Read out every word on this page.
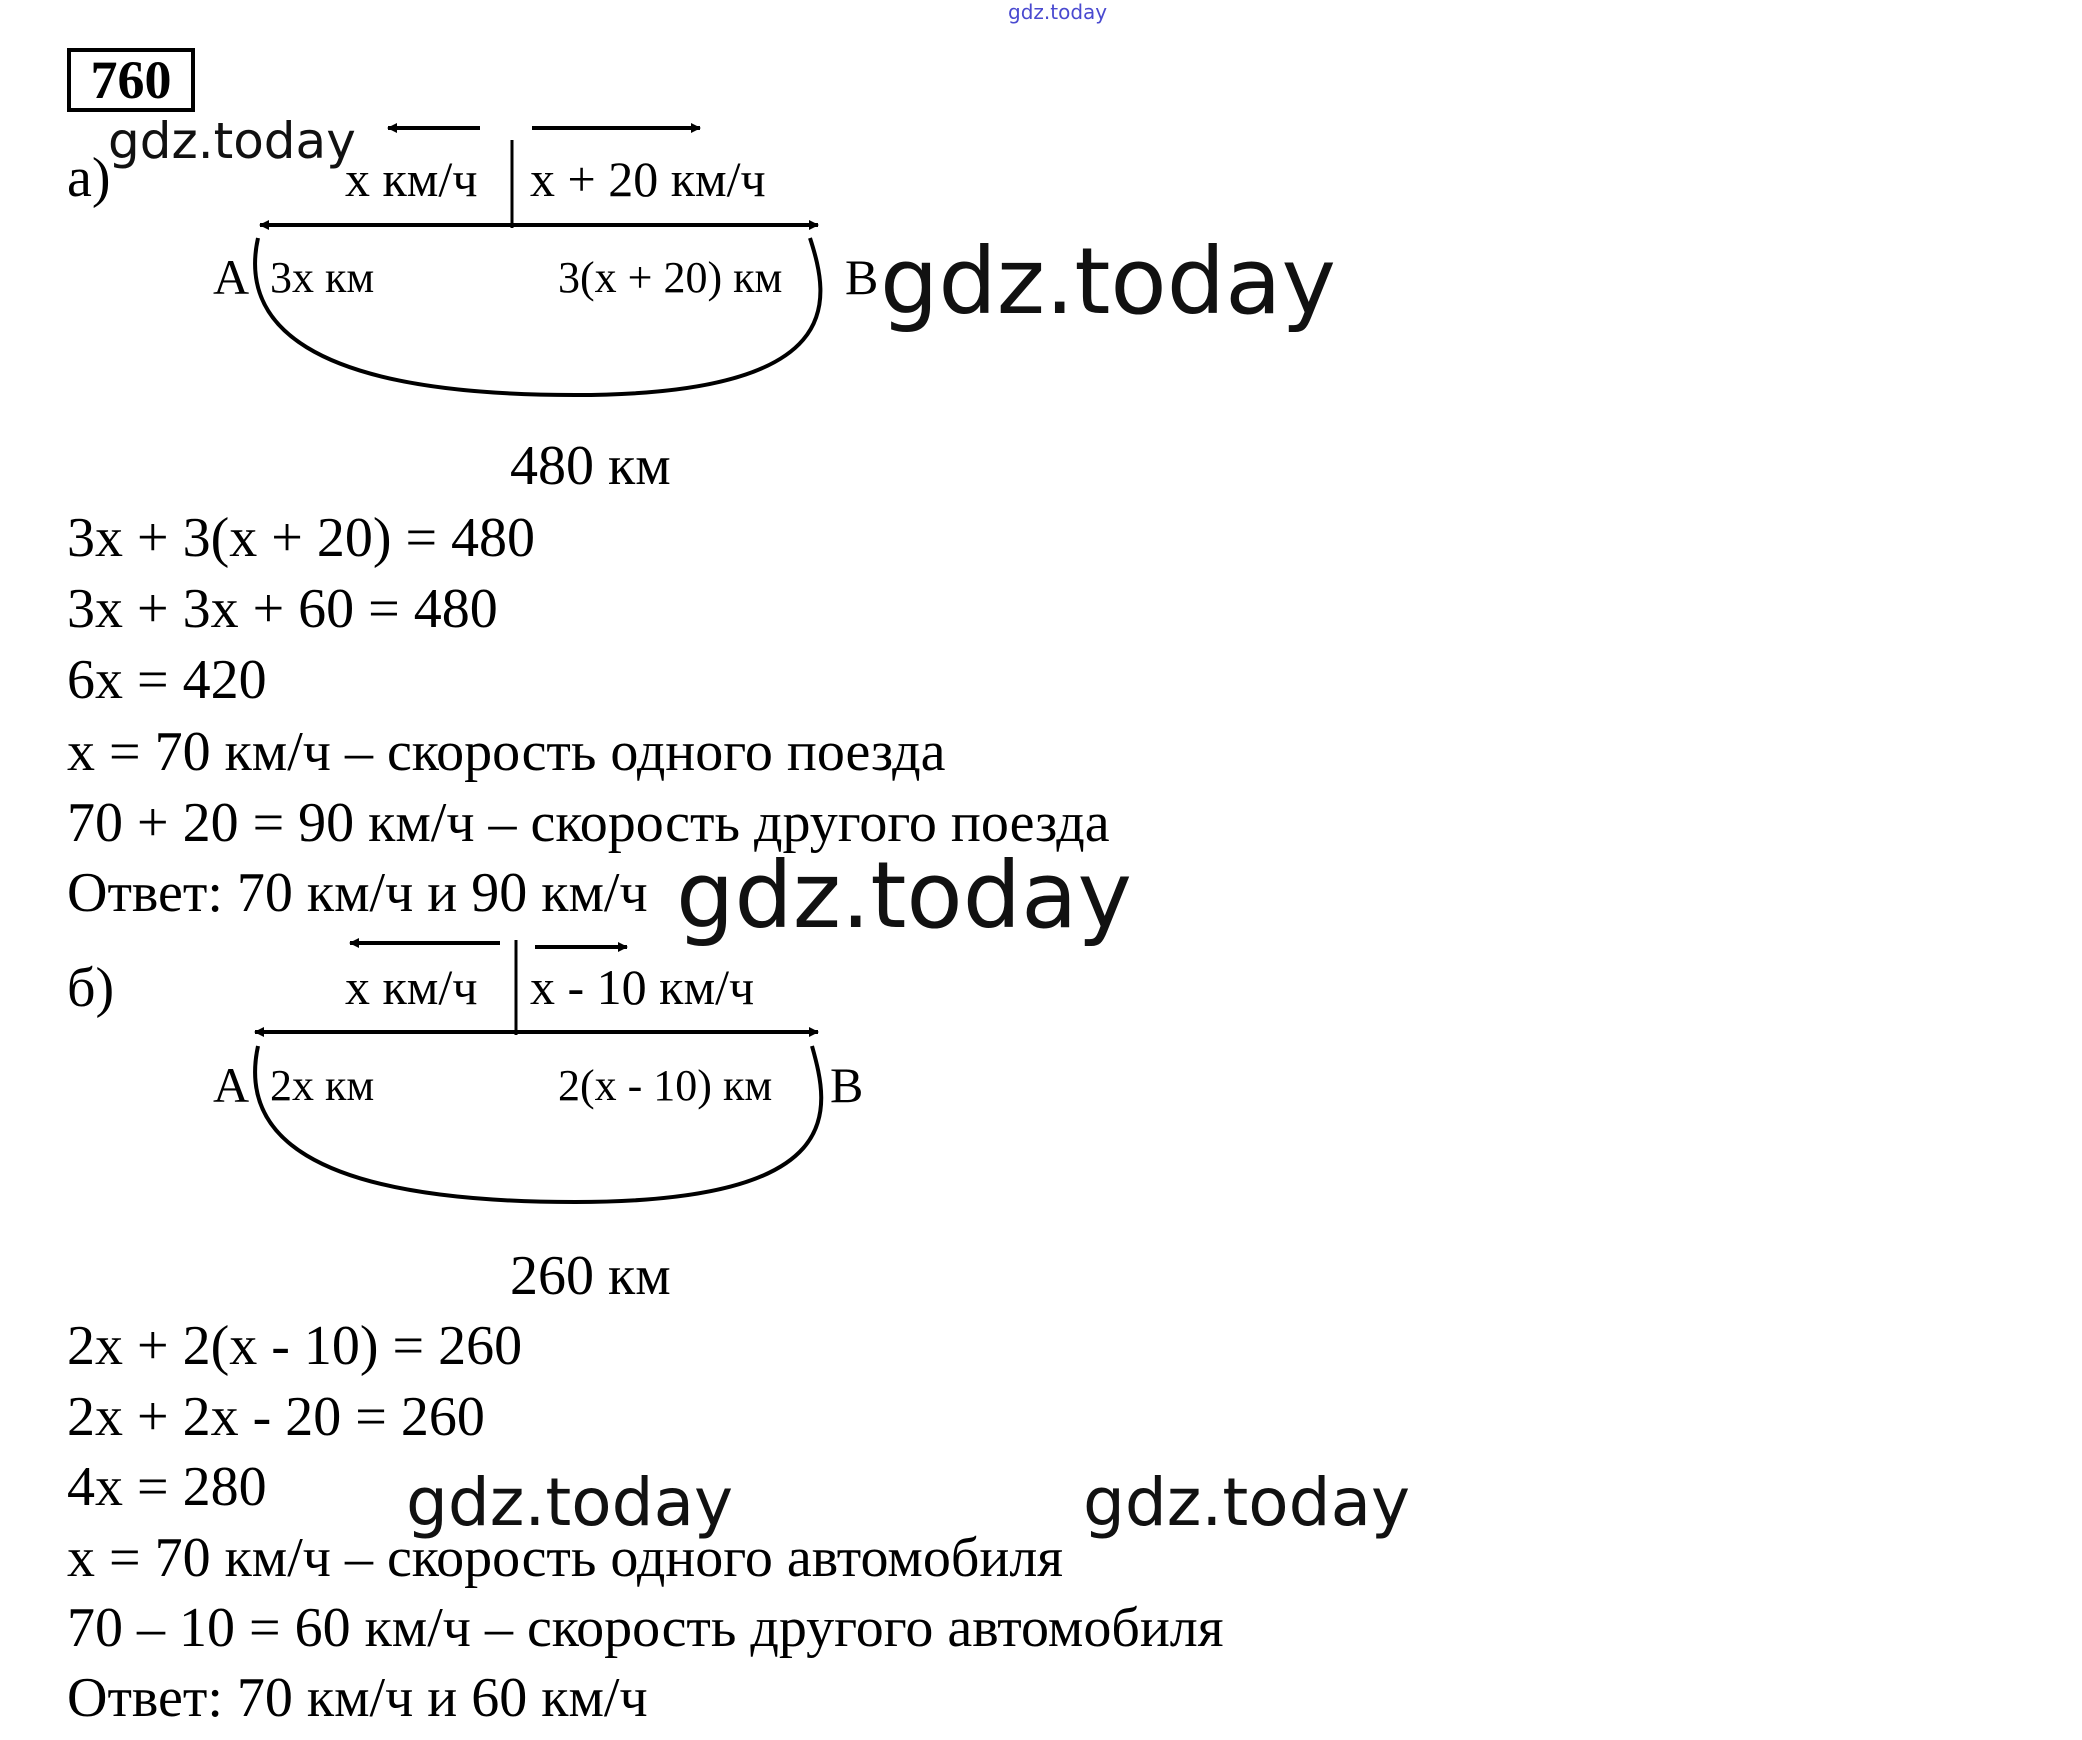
gdz.today
760
а)
gdz.today
x км/ч x + 20 км/ч
A 3x км	3(x + 20) км B gdz.today
480 км
3x + 3(x + 20) = 480
3x + 3x + 60 = 480
6x = 420
x = 70 км/ч – скорость одного поезда
70 + 20 = 90 км/ч – скорость другого поезда
Ответ: 70 км/ч и 90 км/ч gdz.today
б)	x км/ч x - 10 км/ч
A 2x км	2(x - 10) км B
260 км
2x + 2(x - 10) = 260
2x + 2x - 20 = 260
4x = 280 gdz.today	gdz.today
x = 70 км/ч – скорость одного автомобиля
70 – 10 = 60 км/ч – скорость другого автомобиля
Ответ: 70 км/ч и 60 км/ч
